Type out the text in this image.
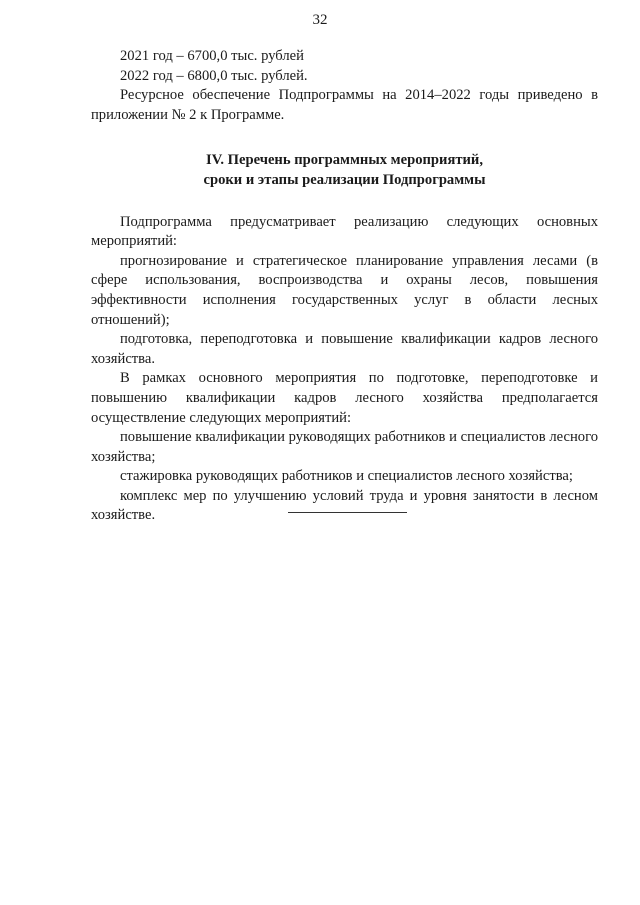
32

2021 год – 6700,0 тыс. рублей

2022 год – 6800,0 тыс. рублей.

Ресурсное обеспечение Подпрограммы на 2014–2022 годы приведено в приложении № 2 к Программе.

IV. Перечень программных мероприятий,
сроки и этапы реализации Подпрограммы

Подпрограмма предусматривает реализацию следующих основных мероприятий:

прогнозирование и стратегическое планирование управления лесами (в сфере использования, воспроизводства и охраны лесов, повышения эффективности исполнения государственных услуг в области лесных отношений);

подготовка, переподготовка и повышение квалификации кадров лесного хозяйства.

В рамках основного мероприятия по подготовке, переподготовке и повышению квалификации кадров лесного хозяйства предполагается осуществление следующих мероприятий:

повышение квалификации руководящих работников и специалистов лесного хозяйства;

стажировка руководящих работников и специалистов лесного хозяйства;

комплекс мер по улучшению условий труда и уровня занятости в лесном хозяйстве.
